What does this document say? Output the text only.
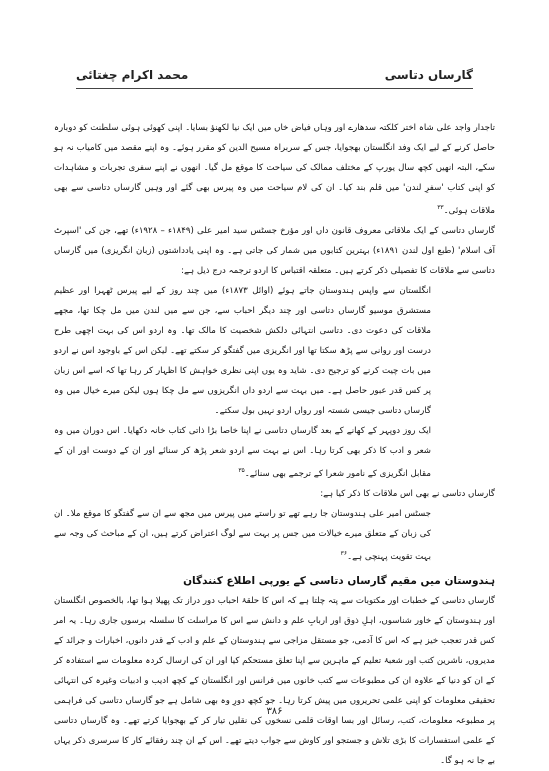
محمد اکرام چغتائی	گارساں دتاسی

تاجدار واجد علی شاہ اختر کلکتہ سدھارے اور وہاں فیاض خاں میں ایک نیا لکھنؤ بسایا۔ اپنی کھوئی ہوئی سلطنت کو دوبارہ حاصل کرنے کے لیے ایک وفد انگلستان بھجوایا، جس کے سربراہ مسیح الدین کو مقرر ہوئے۔ وہ اپنے مقصد میں کامیاب نہ ہو سکے، البتہ انھیں کچھ سال یورپ کے مختلف ممالک کی سیاحت کا موقع مل گیا۔ انھوں نے اپنے سفری تجربات و مشاہدات کو اپنی کتاب 'سفرِ لندن' میں قلم بند کیا۔ ان کی لام سیاحت میں وہ پیرس بھی گئے اور وہیں گارساں دتاسی سے بھی ملاقات ہوئی۔$^{۳۳}$

گارساں دتاسی کے ایک ملاقاتی معروف قانون داں اور مؤرخ جسٹس سید امیر علی (۱۸۴۹ء – ۱۹۲۸ء) تھے، جن کی 'اسپرٹ آف اسلام' (طبع اول لندن ۱۸۹۱ء) بہترین کتابوں میں شمار کی جاتی ہے۔ وہ اپنی یادداشتوں (زبان انگریزی) میں گارساں دتاسی سے ملاقات کا تفصیلی ذکر کرتے ہیں۔ متعلقہ اقتباس کا اردو ترجمہ درج ذیل ہے:

انگلستان سے واپس ہندوستان جاتے ہوئے (اوائل ۱۸۷۳ء) میں چند روز کے لیے پیرس ٹھہرا اور عظیم مستشرق موسیو گارساں دتاسی اور چند دیگر احباب سے، جن سے میں لندن میں مل چکا تھا، مجھے ملاقات کی دعوت دی۔ دتاسی انتہائی دلکش شخصیت کا مالک تھا۔ وہ اردو اس کی بہت اچھی طرح درست اور روانی سے پڑھ سکتا تھا اور انگریزی میں گفتگو کر سکتے تھے۔ لیکن اس کے باوجود اس نے اردو میں بات چیت کرنے کو ترجیح دی۔ شاید وہ یوں اپنی نظری خواہش کا اظہار کر رہا تھا کہ اسے اس زبان پر کس قدر عبور حاصل ہے۔ میں بہت سے اردو داں انگریزوں سے مل چکا ہوں لیکن میرے خیال میں وہ گارساں دتاسی جیسی شستہ اور رواں اردو نہیں بول سکتے۔

ایک روز دوپہر کے کھانے کے بعد گارساں دتاسی نے اپنا خاصا بڑا ذاتی کتاب خانہ دکھایا۔ اس دوران میں وہ شعر و ادب کا ذکر بھی کرتا رہا۔ اس نے بہت سے اردو شعر پڑھ کر سنائے اور ان کے دوست اور ان کے مقابل انگریزی کے نامور شعرا کے ترجمے بھی سنائے۔$^{۳۵}$

گارساں دتاسی نے بھی اس ملاقات کا ذکر کیا ہے:

جسٹس امیر علی ہندوستان جا رہے تھے تو راستے میں پیرس میں مجھ سے ان سے گفتگو کا موقع ملا۔ ان کی زبان کے متعلق میرے خیالات میں جس پر بہت سے لوگ اعتراض کرتے ہیں، ان کے مباحث کی وجہ سے بہت تقویت پہنچی ہے۔$^{۳۶}$

ہندوستان میں مقیم گارساں دتاسی کے یورپی اطلاع کنندگان

گارساں دتاسی کے خطبات اور مکتوبات سے پتہ چلتا ہے کہ اس کا حلقۂ احباب دور دراز تک پھیلا ہوا تھا، بالخصوص انگلستان اور ہندوستان کے خاور شناسوں، اہلِ ذوق اور اربابِ علم و دانش سے اس کا مراسلت کا سلسلہ برسوں جاری رہا۔ یہ امر کس قدر تعجب خیز ہے کہ اس کا آدمی، جو مستقل مزاجی سے ہندوستان کے علم و ادب کے قدر دانوں، اخبارات و جرائد کے مدیروں، ناشرین کتب اور شعبۂ تعلیم کے ماہرین سے اپنا تعلق مستحکم کیا اور ان کی ارسال کردہ معلومات سے استفادہ کر کے ان کو دنیا کے علاوہ ان کی مطبوعات سے کتب خانوں میں فرانس اور انگلستان کے کچھ ادیب و ادبیات وغیرہ کی انتہائی تحقیقی معلومات کو اپنی علمی تحریروں میں پیش کرتا رہا۔ جو کچھ دورِ وہ بھی شامل ہے جو گارساں دتاسی کی فراہمی پر مطبوعہ معلومات، کتب، رسائل اور بسا اوقات قلمی نسخوں کی نقلیں تیار کر کے بھجوایا کرتے تھے۔ وہ گارساں دتاسی کے علمی استفسارات کا بڑی تلاش و جستجو اور کاوش سے جواب دیتے تھے۔ اس کے ان چند رفقائے کار کا سرسری ذکر یہاں بے جا نہ ہو گا۔

۳۸۶
